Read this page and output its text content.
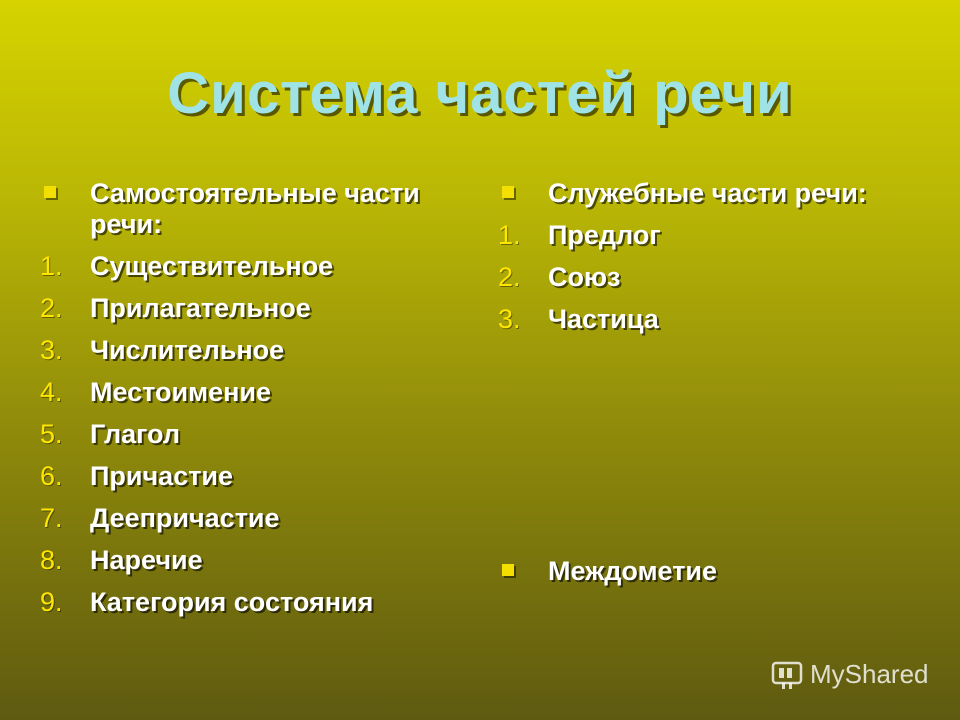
Система частей речи
Самостоятельные части речи:
1. Существительное
2. Прилагательное
3. Числительное
4. Местоимение
5. Глагол
6. Причастие
7. Деепричастие
8. Наречие
9. Категория состояния
Служебные части речи:
1. Предлог
2. Союз
3. Частица
Междометие
MyShared
